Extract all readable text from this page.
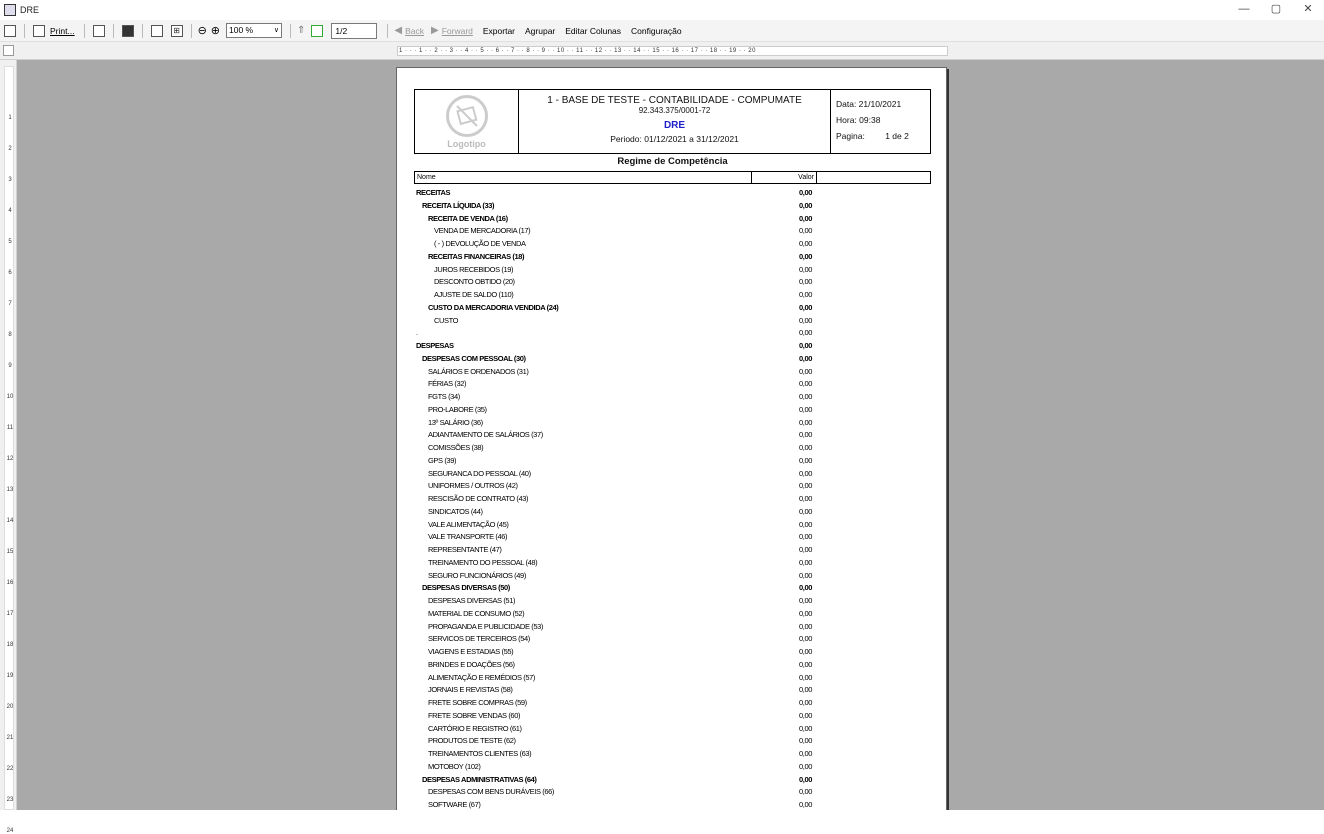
DRE	—	▢	✕
Print...	⊞ ⊖ ⊕	100 %	∨ ⇑	1/2	◀ Back ▶ Forward	Exportar	Agrupar	Editar Colunas	Configuração
1 · · · 1 · · 2 · · 3 · · 4 · · 5 · · 6 · · 7 · · 8 · · 9 · · 10 · · 11 · · 12 · · 13 · · 14 · · 15 · · 16 · · 17 · · 18 · · 19 · · 20
1
2
3
4
5
6
7
8
9
10
11
12
13
14
15
16
17
18
19
20
21
22
23
24
Logotipo
1 - BASE DE TESTE - CONTABILIDADE - COMPUMATE
92.343.375/0001-72
DRE
Periodo: 01/12/2021 a 31/12/2021
Data: 21/10/2021
Hora: 09:38
Pagina: 1 de 2
Regime de Competência
Nome	Valor
RECEITAS	0,00
RECEITA LÍQUIDA (33)	0,00
RECEITA DE VENDA (16)	0,00
VENDA DE MERCADORIA (17)	0,00
( - ) DEVOLUÇÃO DE VENDA	0,00
RECEITAS FINANCEIRAS (18)	0,00
JUROS RECEBIDOS (19)	0,00
DESCONTO OBTIDO (20)	0,00
AJUSTE DE SALDO (110)	0,00
CUSTO DA MERCADORIA VENDIDA (24)	0,00
CUSTO	0,00
.	0,00
DESPESAS	0,00
DESPESAS COM PESSOAL (30)	0,00
SALÁRIOS E ORDENADOS (31)	0,00
FÉRIAS (32)	0,00
FGTS (34)	0,00
PRO-LABORE (35)	0,00
13º SALÁRIO (36)	0,00
ADIANTAMENTO DE SALÁRIOS (37)	0,00
COMISSÕES (38)	0,00
GPS (39)	0,00
SEGURANCA DO PESSOAL (40)	0,00
UNIFORMES / OUTROS (42)	0,00
RESCISÃO DE CONTRATO (43)	0,00
SINDICATOS (44)	0,00
VALE ALIMENTAÇÃO (45)	0,00
VALE TRANSPORTE (46)	0,00
REPRESENTANTE (47)	0,00
TREINAMENTO DO PESSOAL (48)	0,00
SEGURO FUNCIONÁRIOS (49)	0,00
DESPESAS DIVERSAS (50)	0,00
DESPESAS DIVERSAS (51)	0,00
MATERIAL DE CONSUMO (52)	0,00
PROPAGANDA E PUBLICIDADE (53)	0,00
SERVICOS DE TERCEIROS (54)	0,00
VIAGENS E ESTADIAS (55)	0,00
BRINDES E DOAÇÕES (56)	0,00
ALIMENTAÇÃO E REMÉDIOS (57)	0,00
JORNAIS E REVISTAS (58)	0,00
FRETE SOBRE COMPRAS (59)	0,00
FRETE SOBRE VENDAS (60)	0,00
CARTÓRIO E REGISTRO (61)	0,00
PRODUTOS DE TESTE (62)	0,00
TREINAMENTOS CLIENTES (63)	0,00
MOTOBOY (102)	0,00
DESPESAS ADMINISTRATIVAS (64)	0,00
DESPESAS COM BENS DURÁVEIS (66)	0,00
SOFTWARE (67)	0,00
